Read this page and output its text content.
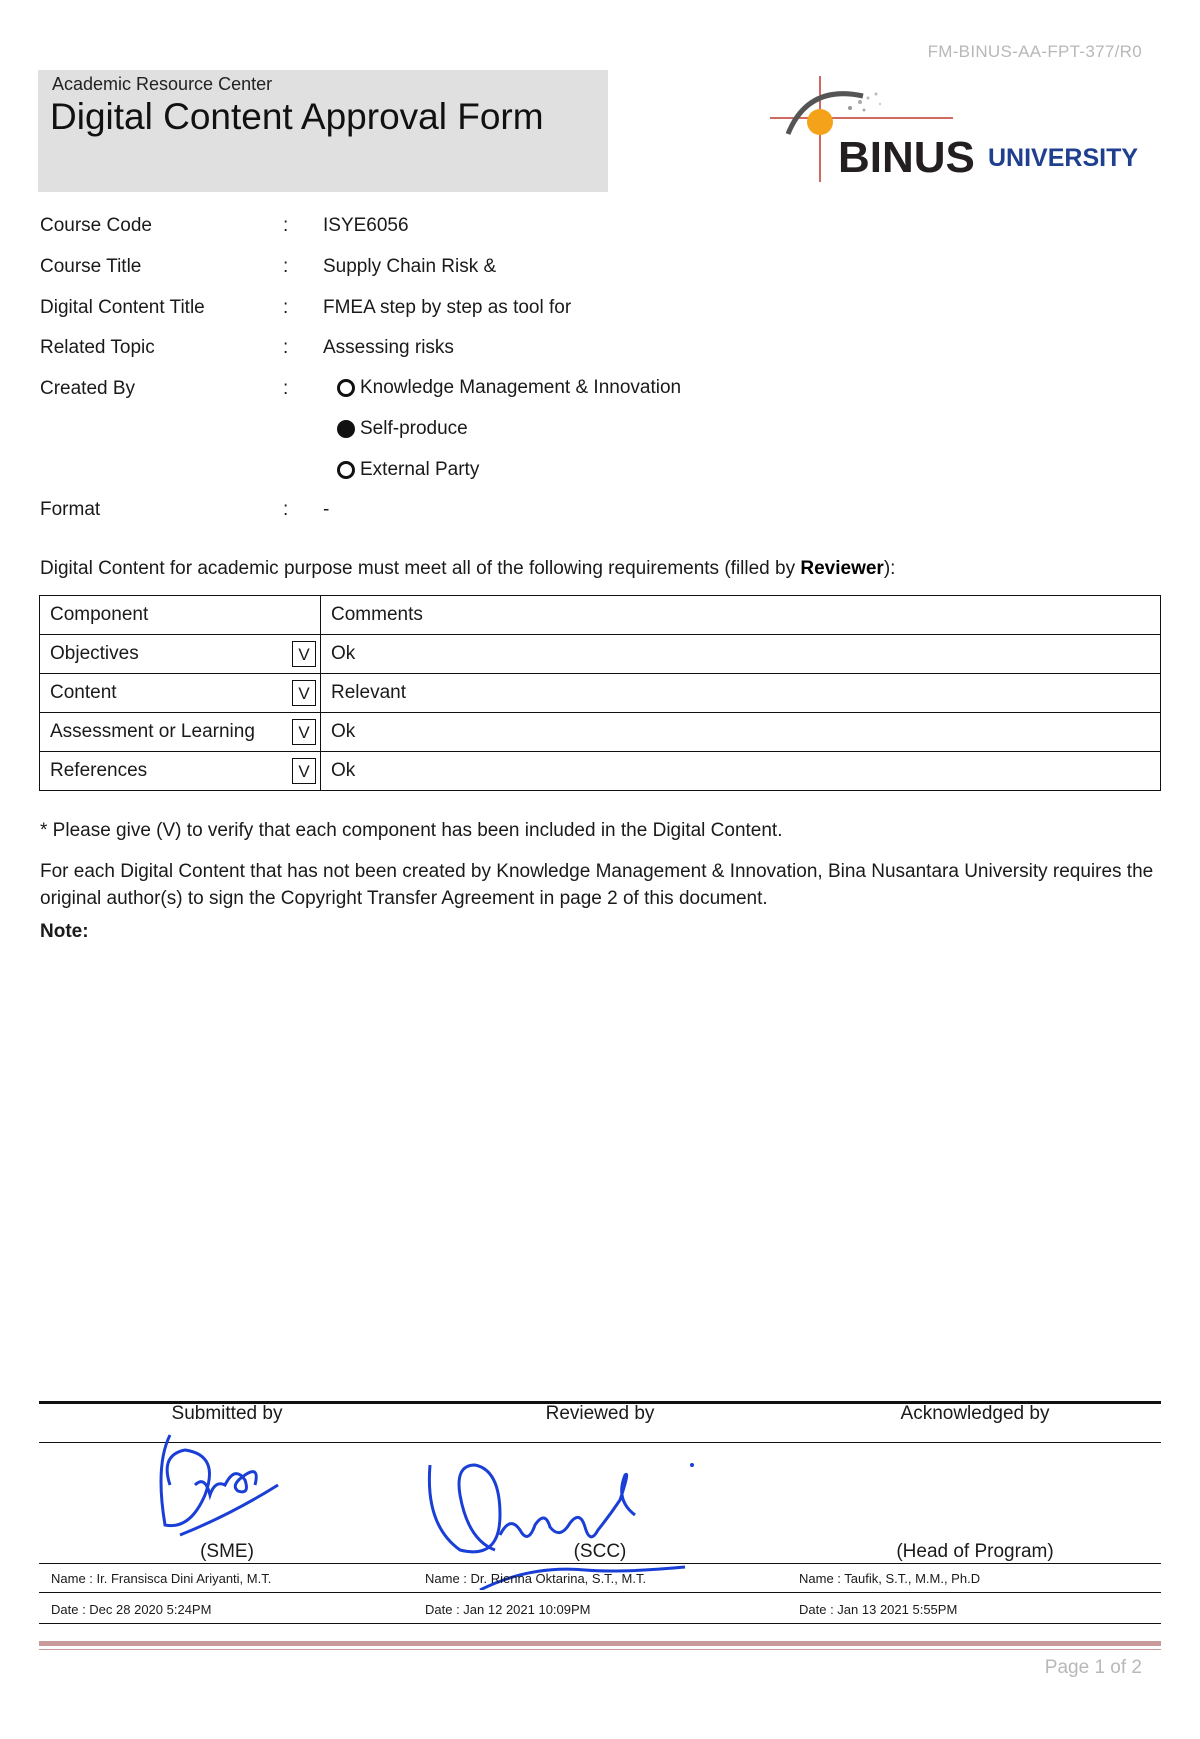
FM-BINUS-AA-FPT-377/R0
Academic Resource Center
Digital Content Approval Form
BINUS UNIVERSITY
Course Code	: ISYE6056
Course Title	: Supply Chain Risk &
Digital Content Title	: FMEA step by step as tool for
Related Topic	: Assessing risks
Created By	:	Knowledge Management & Innovation
Self-produce
External Party
Format	: -
Digital Content for academic purpose must meet all of the following requirements (filled by Reviewer):
Component	Comments
Objectives V	Ok
Content V	Relevant
Assessment or Learning V	Ok
References V	Ok
* Please give (V) to verify that each component has been included in the Digital Content.
For each Digital Content that has not been created by Knowledge Management & Innovation, Bina Nusantara University requires the original author(s) to sign the Copyright Transfer Agreement in page 2 of this document.
Note:
Submitted by	Reviewed by	Acknowledged by
(SME)	(SCC)	(Head of Program)
Name : Ir. Fransisca Dini Ariyanti, M.T.	Name : Dr. Rienna Oktarina, S.T., M.T.	Name : Taufik, S.T., M.M., Ph.D
Date : Dec 28 2020 5:24PM	Date : Jan 12 2021 10:09PM	Date : Jan 13 2021 5:55PM
Page 1 of 2
